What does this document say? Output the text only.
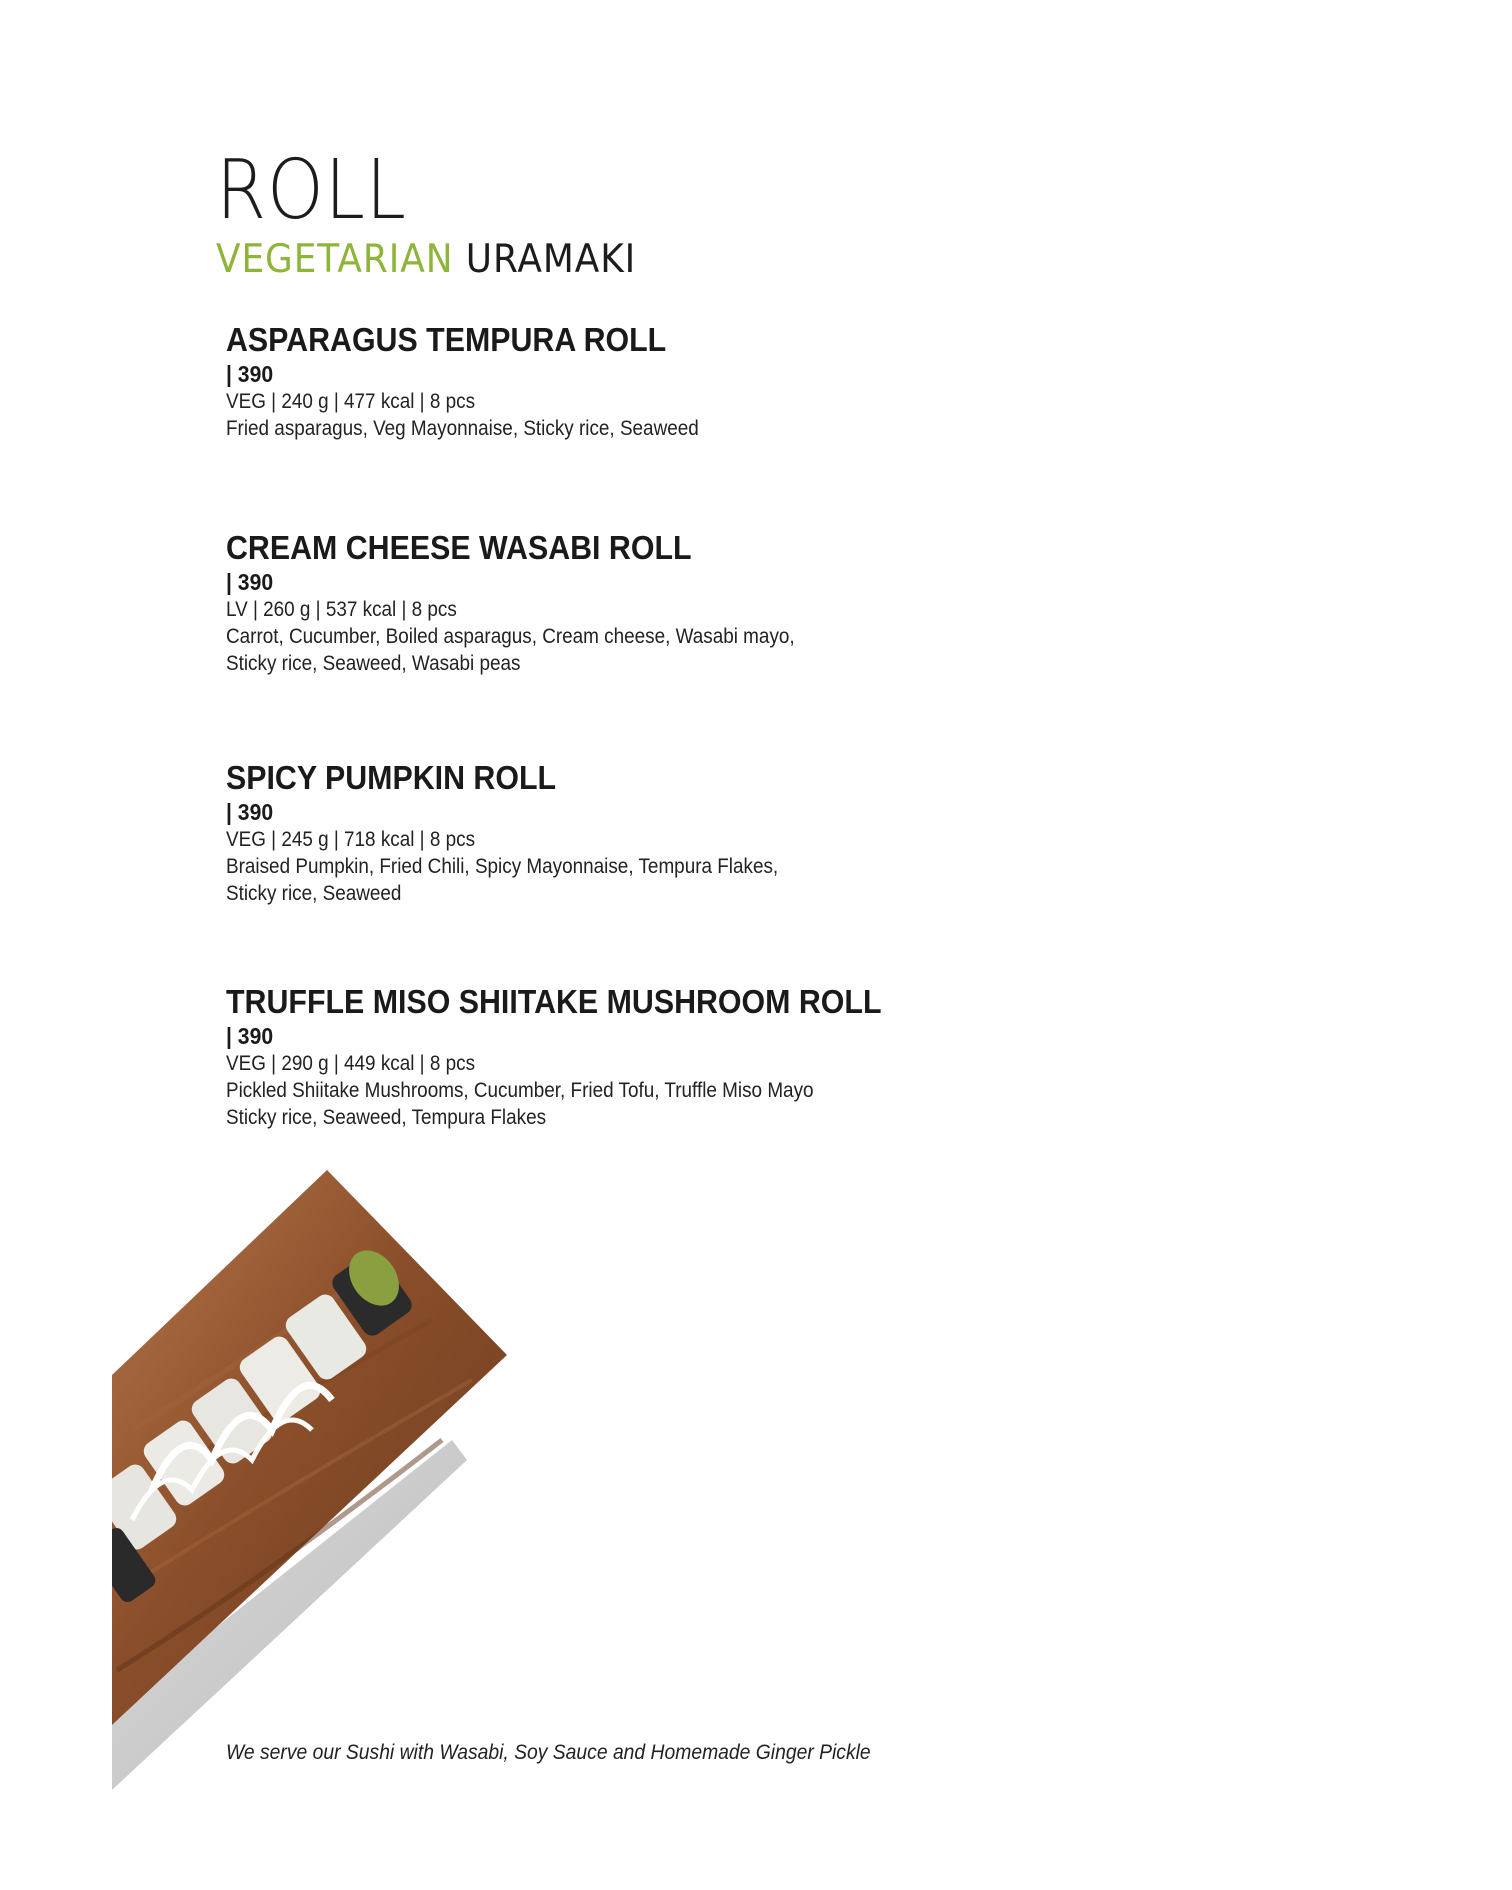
ROLL
VEGETARIAN URAMAKI
ASPARAGUS TEMPURA ROLL
| 390
VEG | 240 g | 477 kcal | 8 pcs
Fried asparagus, Veg Mayonnaise, Sticky rice, Seaweed
CREAM CHEESE WASABI ROLL
| 390
LV | 260 g | 537 kcal | 8 pcs
Carrot, Cucumber, Boiled asparagus, Cream cheese, Wasabi mayo,
Sticky rice, Seaweed, Wasabi peas
SPICY PUMPKIN ROLL
| 390
VEG | 245 g | 718 kcal | 8 pcs
Braised Pumpkin, Fried Chili, Spicy Mayonnaise, Tempura Flakes,
Sticky rice, Seaweed
TRUFFLE MISO SHIITAKE MUSHROOM ROLL
| 390
VEG | 290 g | 449 kcal | 8 pcs
Pickled Shiitake Mushrooms, Cucumber, Fried Tofu, Truffle Miso Mayo
Sticky rice, Seaweed, Tempura Flakes
We serve our Sushi with Wasabi, Soy Sauce and Homemade Ginger Pickle
